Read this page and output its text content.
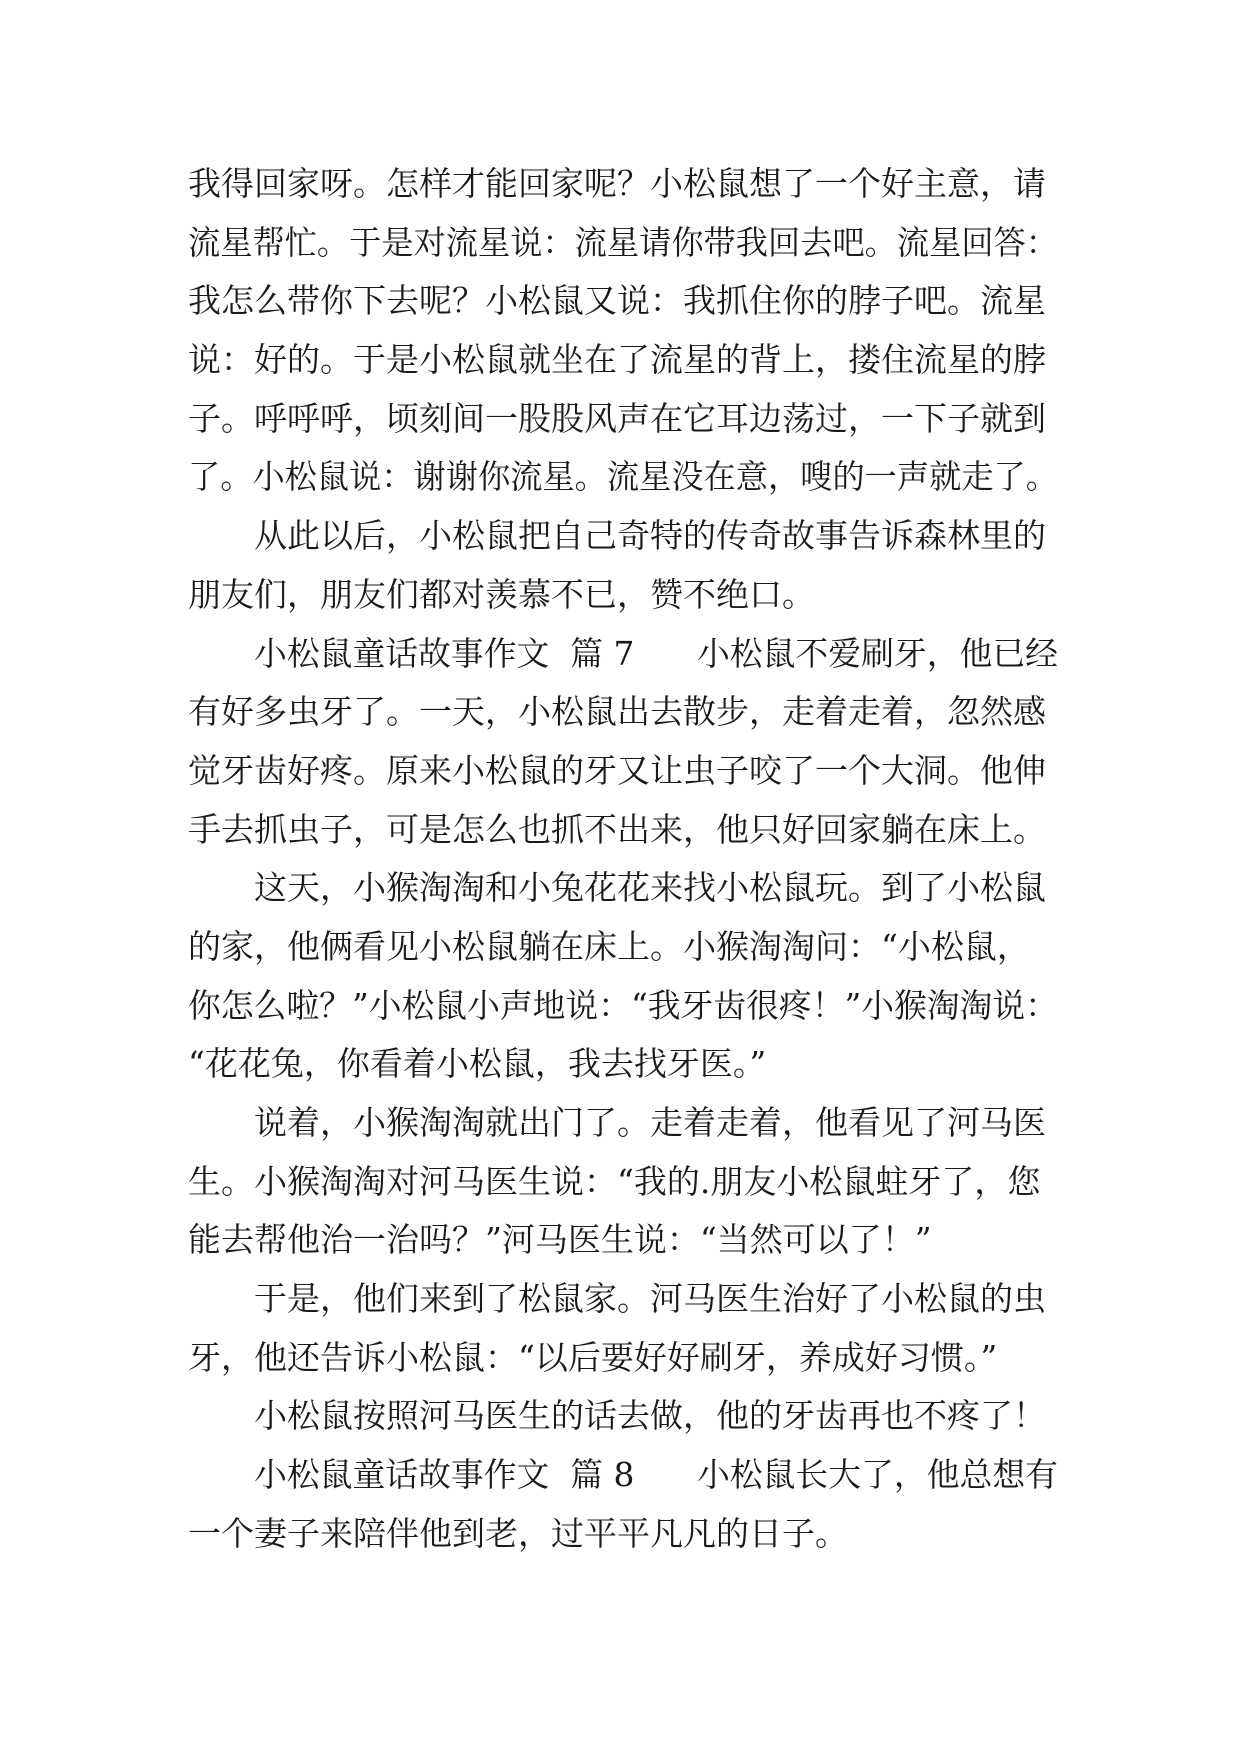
我得回家呀。怎样才能回家呢？小松鼠想了一个好主意，请
流星帮忙。于是对流星说：流星请你带我回去吧。流星回答：
我怎么带你下去呢？小松鼠又说：我抓住你的脖子吧。流星
说：好的。于是小松鼠就坐在了流星的背上，搂住流星的脖
子。呼呼呼，顷刻间一股股风声在它耳边荡过，一下子就到
了。小松鼠说：谢谢你流星。流星没在意，嗖的一声就走了。
从此以后，小松鼠把自己奇特的传奇故事告诉森林里的
朋友们，朋友们都对羡慕不已，赞不绝口。
小松鼠童话故事作文  篇 7      小松鼠不爱刷牙，他已经
有好多虫牙了。一天，小松鼠出去散步，走着走着，忽然感
觉牙齿好疼。原来小松鼠的牙又让虫子咬了一个大洞。他伸
手去抓虫子，可是怎么也抓不出来，他只好回家躺在床上。
这天，小猴淘淘和小兔花花来找小松鼠玩。到了小松鼠
的家，他俩看见小松鼠躺在床上。小猴淘淘问：“小松鼠，
你怎么啦？”小松鼠小声地说：“我牙齿很疼！”小猴淘淘说：
“花花兔，你看着小松鼠，我去找牙医。”
说着，小猴淘淘就出门了。走着走着，他看见了河马医
生。小猴淘淘对河马医生说：“我的.朋友小松鼠蛀牙了，您
能去帮他治一治吗？”河马医生说：“当然可以了！”
于是，他们来到了松鼠家。河马医生治好了小松鼠的虫
牙，他还告诉小松鼠：“以后要好好刷牙，养成好习惯。”
小松鼠按照河马医生的话去做，他的牙齿再也不疼了！
小松鼠童话故事作文  篇 8      小松鼠长大了，他总想有
一个妻子来陪伴他到老，过平平凡凡的日子。
